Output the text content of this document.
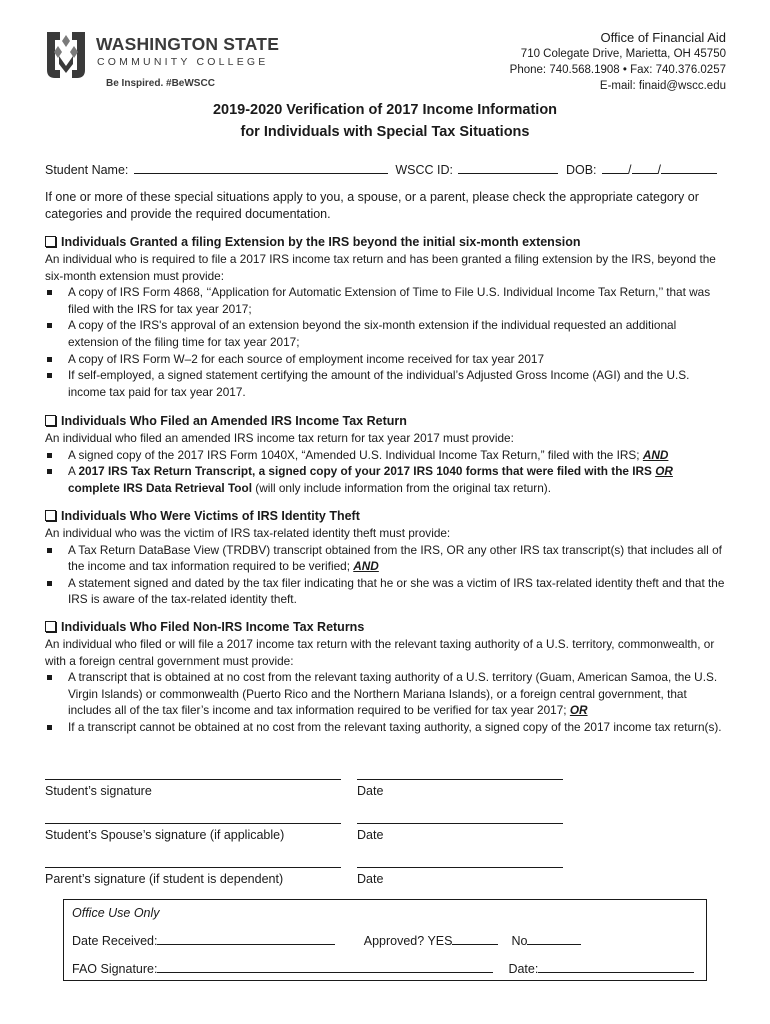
WASHINGTON STATE
COMMUNITY COLLEGE
Be Inspired. #BeWSCC
Office of Financial Aid
710 Colegate Drive, Marietta, OH 45750
Phone: 740.568.1908 • Fax: 740.376.0257
E-mail: finaid@wscc.edu
2019-2020 Verification of 2017 Income Information
for Individuals with Special Tax Situations
Student Name:	WSCC ID:	DOB:	/ /
If one or more of these special situations apply to you, a spouse, or a parent, please check the appropriate category or categories and provide the required documentation.
Individuals Granted a filing Extension by the IRS beyond the initial six-month extension
An individual who is required to file a 2017 IRS income tax return and has been granted a filing extension by the IRS, beyond the six-month extension must provide:
A copy of IRS Form 4868, ‘‘Application for Automatic Extension of Time to File U.S. Individual Income Tax Return,’’ that was filed with the IRS for tax year 2017;
A copy of the IRS's approval of an extension beyond the six-month extension if the individual requested an additional extension of the filing time for tax year 2017;
A copy of IRS Form W–2 for each source of employment income received for tax year 2017
If self-employed, a signed statement certifying the amount of the individual’s Adjusted Gross Income (AGI) and the U.S. income tax paid for tax year 2017.
Individuals Who Filed an Amended IRS Income Tax Return
An individual who filed an amended IRS income tax return for tax year 2017 must provide:
A signed copy of the 2017 IRS Form 1040X, “Amended U.S. Individual Income Tax Return,” filed with the IRS; AND
A 2017 IRS Tax Return Transcript, a signed copy of your 2017 IRS 1040 forms that were filed with the IRS OR complete IRS Data Retrieval Tool (will only include information from the original tax return).
Individuals Who Were Victims of IRS Identity Theft
An individual who was the victim of IRS tax-related identity theft must provide:
A Tax Return DataBase View (TRDBV) transcript obtained from the IRS, OR any other IRS tax transcript(s) that includes all of the income and tax information required to be verified; AND
A statement signed and dated by the tax filer indicating that he or she was a victim of IRS tax-related identity theft and that the IRS is aware of the tax-related identity theft.
Individuals Who Filed Non-IRS Income Tax Returns
An individual who filed or will file a 2017 income tax return with the relevant taxing authority of a U.S. territory, commonwealth, or with a foreign central government must provide:
A transcript that is obtained at no cost from the relevant taxing authority of a U.S. territory (Guam, American Samoa, the U.S. Virgin Islands) or commonwealth (Puerto Rico and the Northern Mariana Islands), or a foreign central government, that includes all of the tax filer’s income and tax information required to be verified for tax year 2017; OR
If a transcript cannot be obtained at no cost from the relevant taxing authority, a signed copy of the 2017 income tax return(s).
Student’s signature	Date
Student’s Spouse’s signature (if applicable)	Date
Parent’s signature (if student is dependent)	Date
Office Use Only
Date Received:	Approved? YES	No
FAO Signature:	Date:
